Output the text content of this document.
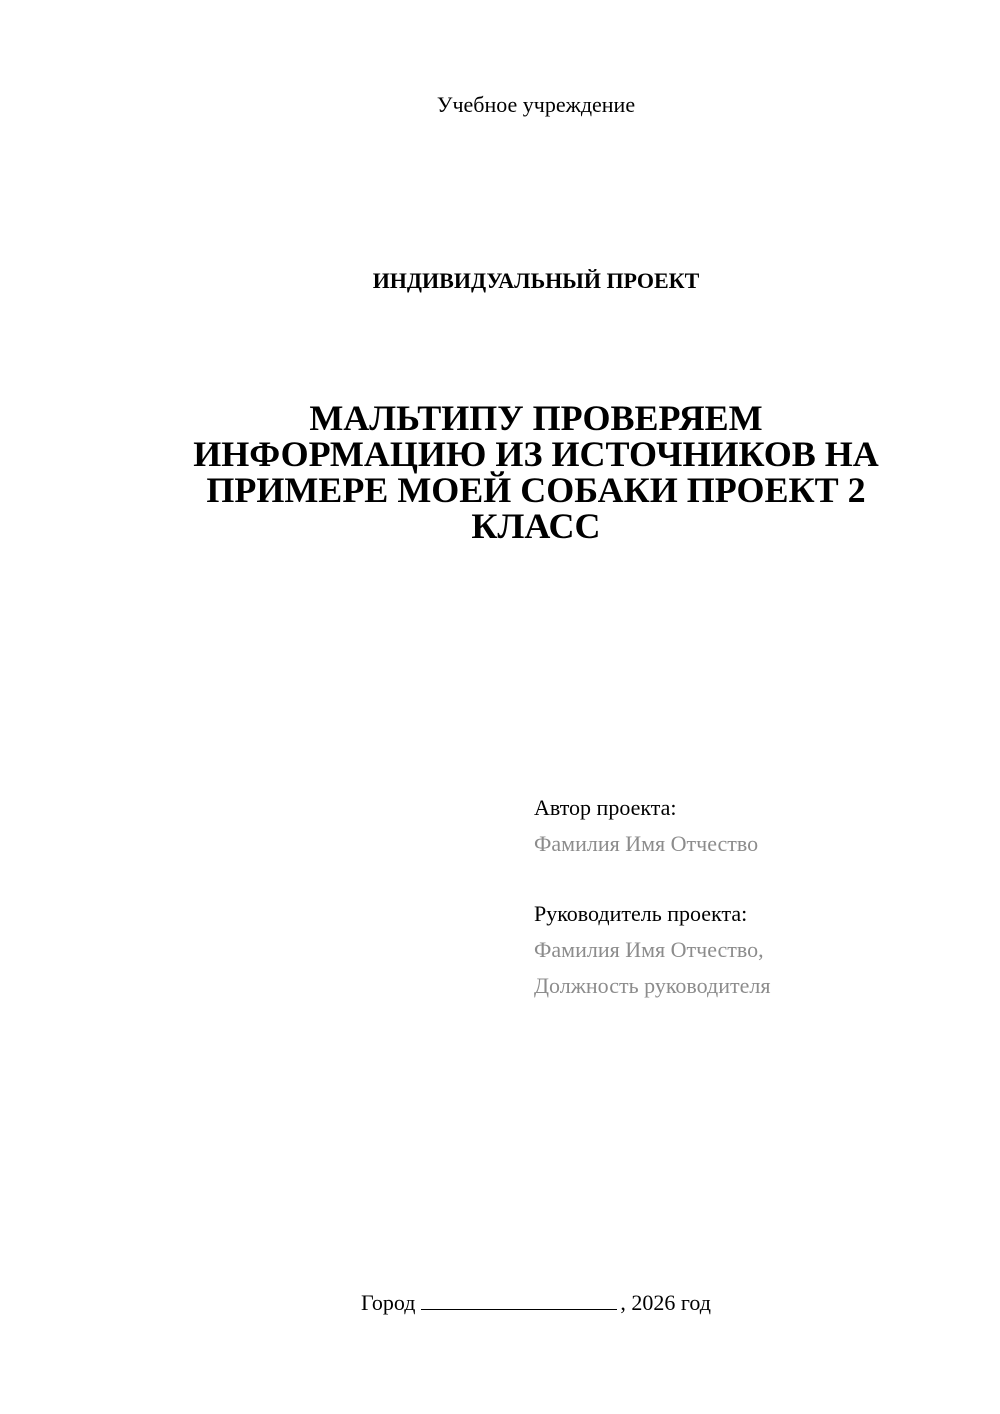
Учебное учреждение
ИНДИВИДУАЛЬНЫЙ ПРОЕКТ
МАЛЬТИПУ ПРОВЕРЯЕМ
ИНФОРМАЦИЮ ИЗ ИСТОЧНИКОВ НА
ПРИМЕРЕ МОЕЙ СОБАКИ ПРОЕКТ 2
КЛАСС
Автор проекта:
Фамилия Имя Отчество
Руководитель проекта:
Фамилия Имя Отчество,
Должность руководителя
Город	, 2026 год
